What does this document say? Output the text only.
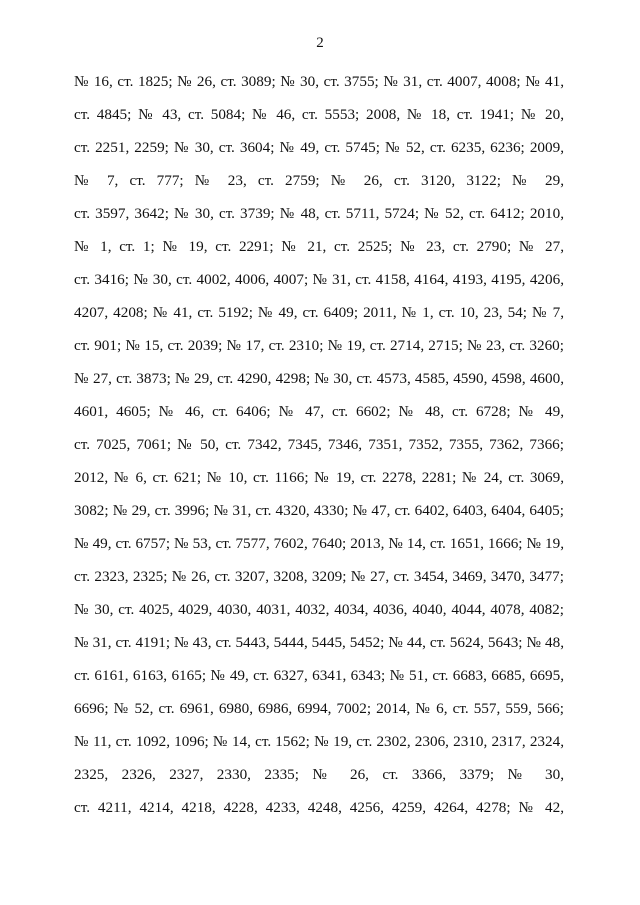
2
№ 16, ст. 1825; № 26, ст. 3089; № 30, ст. 3755; № 31, ст. 4007, 4008; № 41,
ст. 4845; № 43, ст. 5084; № 46, ст. 5553; 2008, № 18, ст. 1941; № 20,
ст. 2251, 2259; № 30, ст. 3604; № 49, ст. 5745; № 52, ст. 6235, 6236; 2009,
№ 7, ст. 777; № 23, ст. 2759; № 26, ст. 3120, 3122; № 29,
ст. 3597, 3642; № 30, ст. 3739; № 48, ст. 5711, 5724; № 52, ст. 6412; 2010,
№ 1, ст. 1; № 19, ст. 2291; № 21, ст. 2525; № 23, ст. 2790; № 27,
ст. 3416; № 30, ст. 4002, 4006, 4007; № 31, ст. 4158, 4164, 4193, 4195, 4206,
4207, 4208; № 41, ст. 5192; № 49, ст. 6409; 2011, № 1, ст. 10, 23, 54; № 7,
ст. 901; № 15, ст. 2039; № 17, ст. 2310; № 19, ст. 2714, 2715; № 23, ст. 3260;
№ 27, ст. 3873; № 29, ст. 4290, 4298; № 30, ст. 4573, 4585, 4590, 4598, 4600,
4601, 4605; № 46, ст. 6406; № 47, ст. 6602; № 48, ст. 6728; № 49,
ст. 7025, 7061; № 50, ст. 7342, 7345, 7346, 7351, 7352, 7355, 7362, 7366;
2012, № 6, ст. 621; № 10, ст. 1166; № 19, ст. 2278, 2281; № 24, ст. 3069,
3082; № 29, ст. 3996; № 31, ст. 4320, 4330; № 47, ст. 6402, 6403, 6404, 6405;
№ 49, ст. 6757; № 53, ст. 7577, 7602, 7640; 2013, № 14, ст. 1651, 1666; № 19,
ст. 2323, 2325; № 26, ст. 3207, 3208, 3209; № 27, ст. 3454, 3469, 3470, 3477;
№ 30, ст. 4025, 4029, 4030, 4031, 4032, 4034, 4036, 4040, 4044, 4078, 4082;
№ 31, ст. 4191; № 43, ст. 5443, 5444, 5445, 5452; № 44, ст. 5624, 5643; № 48,
ст. 6161, 6163, 6165; № 49, ст. 6327, 6341, 6343; № 51, ст. 6683, 6685, 6695,
6696; № 52, ст. 6961, 6980, 6986, 6994, 7002; 2014, № 6, ст. 557, 559, 566;
№ 11, ст. 1092, 1096; № 14, ст. 1562; № 19, ст. 2302, 2306, 2310, 2317, 2324,
2325, 2326, 2327, 2330, 2335; № 26, ст. 3366, 3379; № 30,
ст. 4211, 4214, 4218, 4228, 4233, 4248, 4256, 4259, 4264, 4278; № 42,
